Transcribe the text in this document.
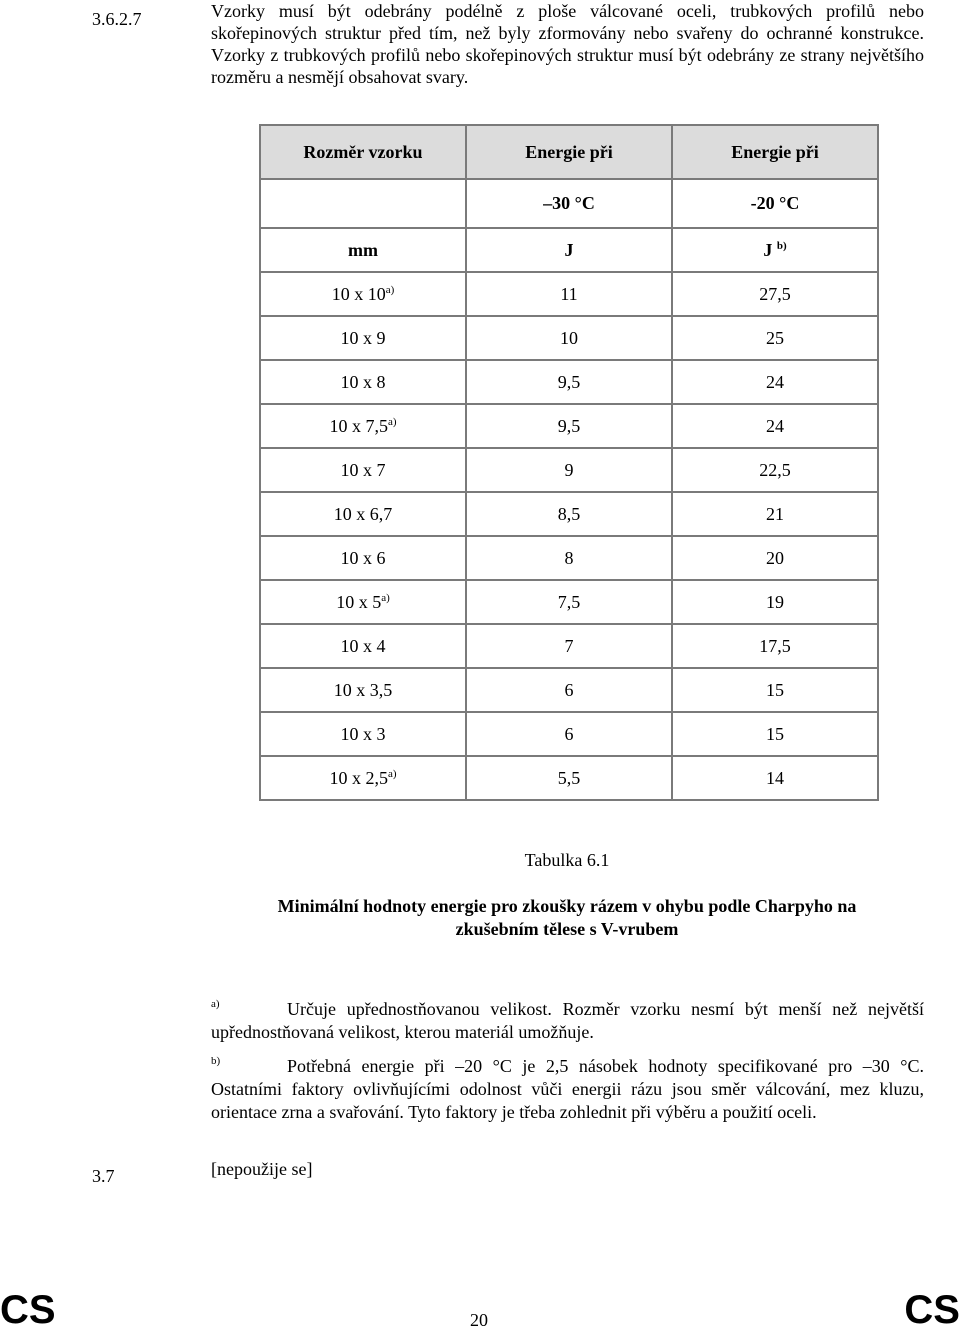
3.6.2.7	Vzorky musí být odebrány podélně z ploše válcované oceli, trubkových profilů nebo skořepinových struktur před tím, než byly zformovány nebo svařeny do ochranné konstrukce. Vzorky z trubkových profilů nebo skořepinových struktur musí být odebrány ze strany největšího rozměru a nesmějí obsahovat svary.

Rozměr vzorku	Energie při	Energie při
	–30 °C	-20 °C
mm	J	J $^{b)}$
10 x 10$^{a)}$	11	27,5
10 x 9	10	25
10 x 8	9,5	24
10 x 7,5$^{a)}$	9,5	24
10 x 7	9	22,5
10 x 6,7	8,5	21
10 x 6	8	20
10 x 5$^{a)}$	7,5	19
10 x 4	7	17,5
10 x 3,5	6	15
10 x 3	6	15
10 x 2,5$^{a)}$	5,5	14
Tabulka 6.1
Minimální hodnoty energie pro zkoušky rázem v ohybu podle Charpyho na zkušebním tělese s V-vrubem

a)	Určuje upřednostňovanou velikost. Rozměr vzorku nesmí být menší než největší upřednostňovaná velikost, kterou materiál umožňuje.

b)	Potřebná energie při –20 °C je 2,5 násobek hodnoty specifikované pro –30 °C. Ostatními faktory ovlivňujícími odolnost vůči energii rázu jsou směr válcování, mez kluzu, orientace zrna a svařování. Tyto faktory je třeba zohlednit při výběru a použití oceli.

3.7	[nepoužije se]
CS	20	CS
